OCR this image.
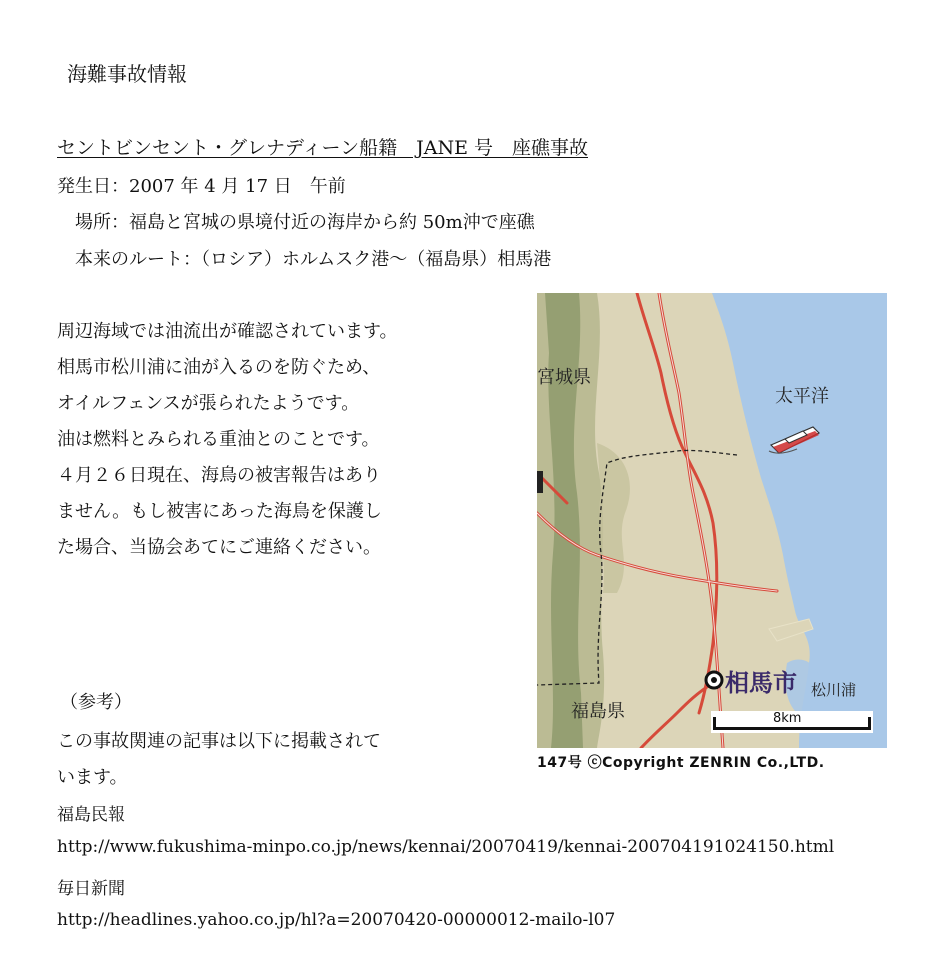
海難事故情報
セントビンセント・グレナディーン船籍　JANE 号　座礁事故
発生日：2007 年 4 月 17 日　午前
　場所：福島と宮城の県境付近の海岸から約 50m沖で座礁
　本来のルート：（ロシア）ホルムスク港～（福島県）相馬港
周辺海域では油流出が確認されています。
相馬市松川浦に油が入るのを防ぐため、
オイルフェンスが張られたようです。
油は燃料とみられる重油とのことです。
４月２６日現在、海鳥の被害報告はあり
ません。もし被害にあった海鳥を保護し
た場合、当協会あてにご連絡ください。
（参考）
この事故関連の記事は以下に掲載されて
います。
福島民報
http://www.fukushima-minpo.co.jp/news/kennai/20070419/kennai-200704191024150.html
毎日新聞
http://headlines.yahoo.co.jp/hl?a=20070420-00000012-mailo-l07
宮城県
太平洋
相馬市 松川浦
福島県	8km
147号 ⓒCopyright ZENRIN Co.,LTD.
